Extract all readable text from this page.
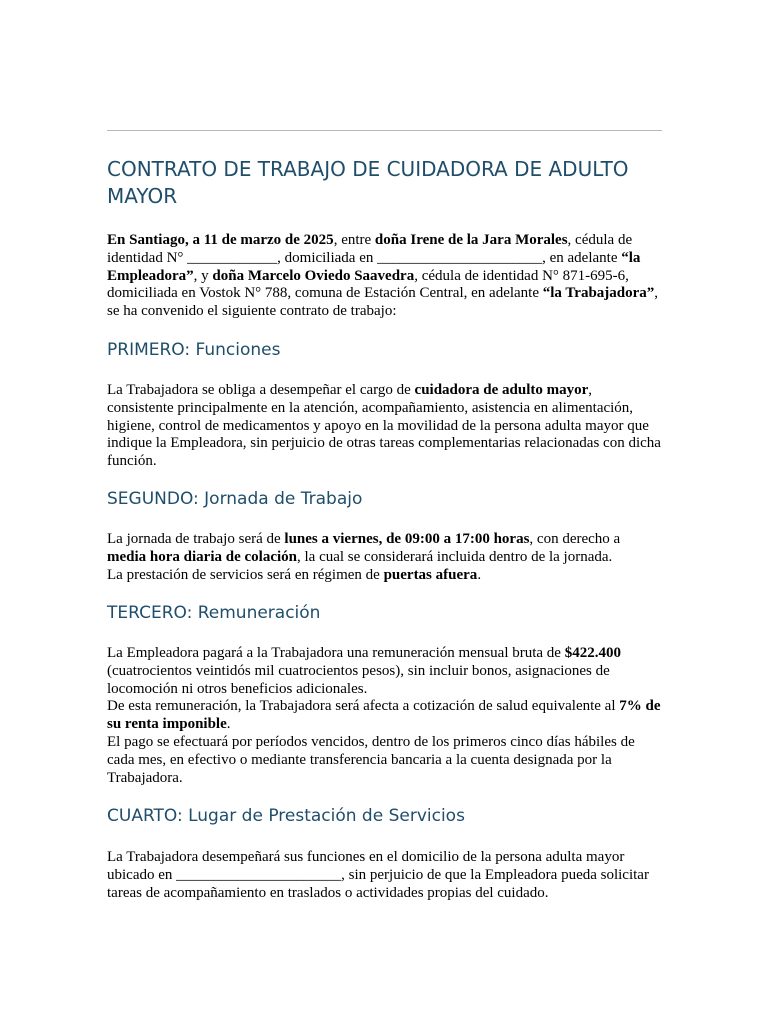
CONTRATO DE TRABAJO DE CUIDADORA DE ADULTO MAYOR

En Santiago, a 11 de marzo de 2025, entre doña Irene de la Jara Morales, cédula de identidad N° ____________, domiciliada en ______________________, en adelante “la Empleadora”, y doña Marcelo Oviedo Saavedra, cédula de identidad N° 871-695-6, domiciliada en Vostok N° 788, comuna de Estación Central, en adelante “la Trabajadora”, se ha convenido el siguiente contrato de trabajo:

PRIMERO: Funciones

La Trabajadora se obliga a desempeñar el cargo de cuidadora de adulto mayor, consistente principalmente en la atención, acompañamiento, asistencia en alimentación, higiene, control de medicamentos y apoyo en la movilidad de la persona adulta mayor que indique la Empleadora, sin perjuicio de otras tareas complementarias relacionadas con dicha función.

SEGUNDO: Jornada de Trabajo

La jornada de trabajo será de lunes a viernes, de 09:00 a 17:00 horas, con derecho a media hora diaria de colación, la cual se considerará incluida dentro de la jornada.
La prestación de servicios será en régimen de puertas afuera.

TERCERO: Remuneración

La Empleadora pagará a la Trabajadora una remuneración mensual bruta de $422.400 (cuatrocientos veintidós mil cuatrocientos pesos), sin incluir bonos, asignaciones de locomoción ni otros beneficios adicionales.
De esta remuneración, la Trabajadora será afecta a cotización de salud equivalente al 7% de su renta imponible.
El pago se efectuará por períodos vencidos, dentro de los primeros cinco días hábiles de cada mes, en efectivo o mediante transferencia bancaria a la cuenta designada por la Trabajadora.

CUARTO: Lugar de Prestación de Servicios

La Trabajadora desempeñará sus funciones en el domicilio de la persona adulta mayor ubicado en ______________________, sin perjuicio de que la Empleadora pueda solicitar tareas de acompañamiento en traslados o actividades propias del cuidado.
